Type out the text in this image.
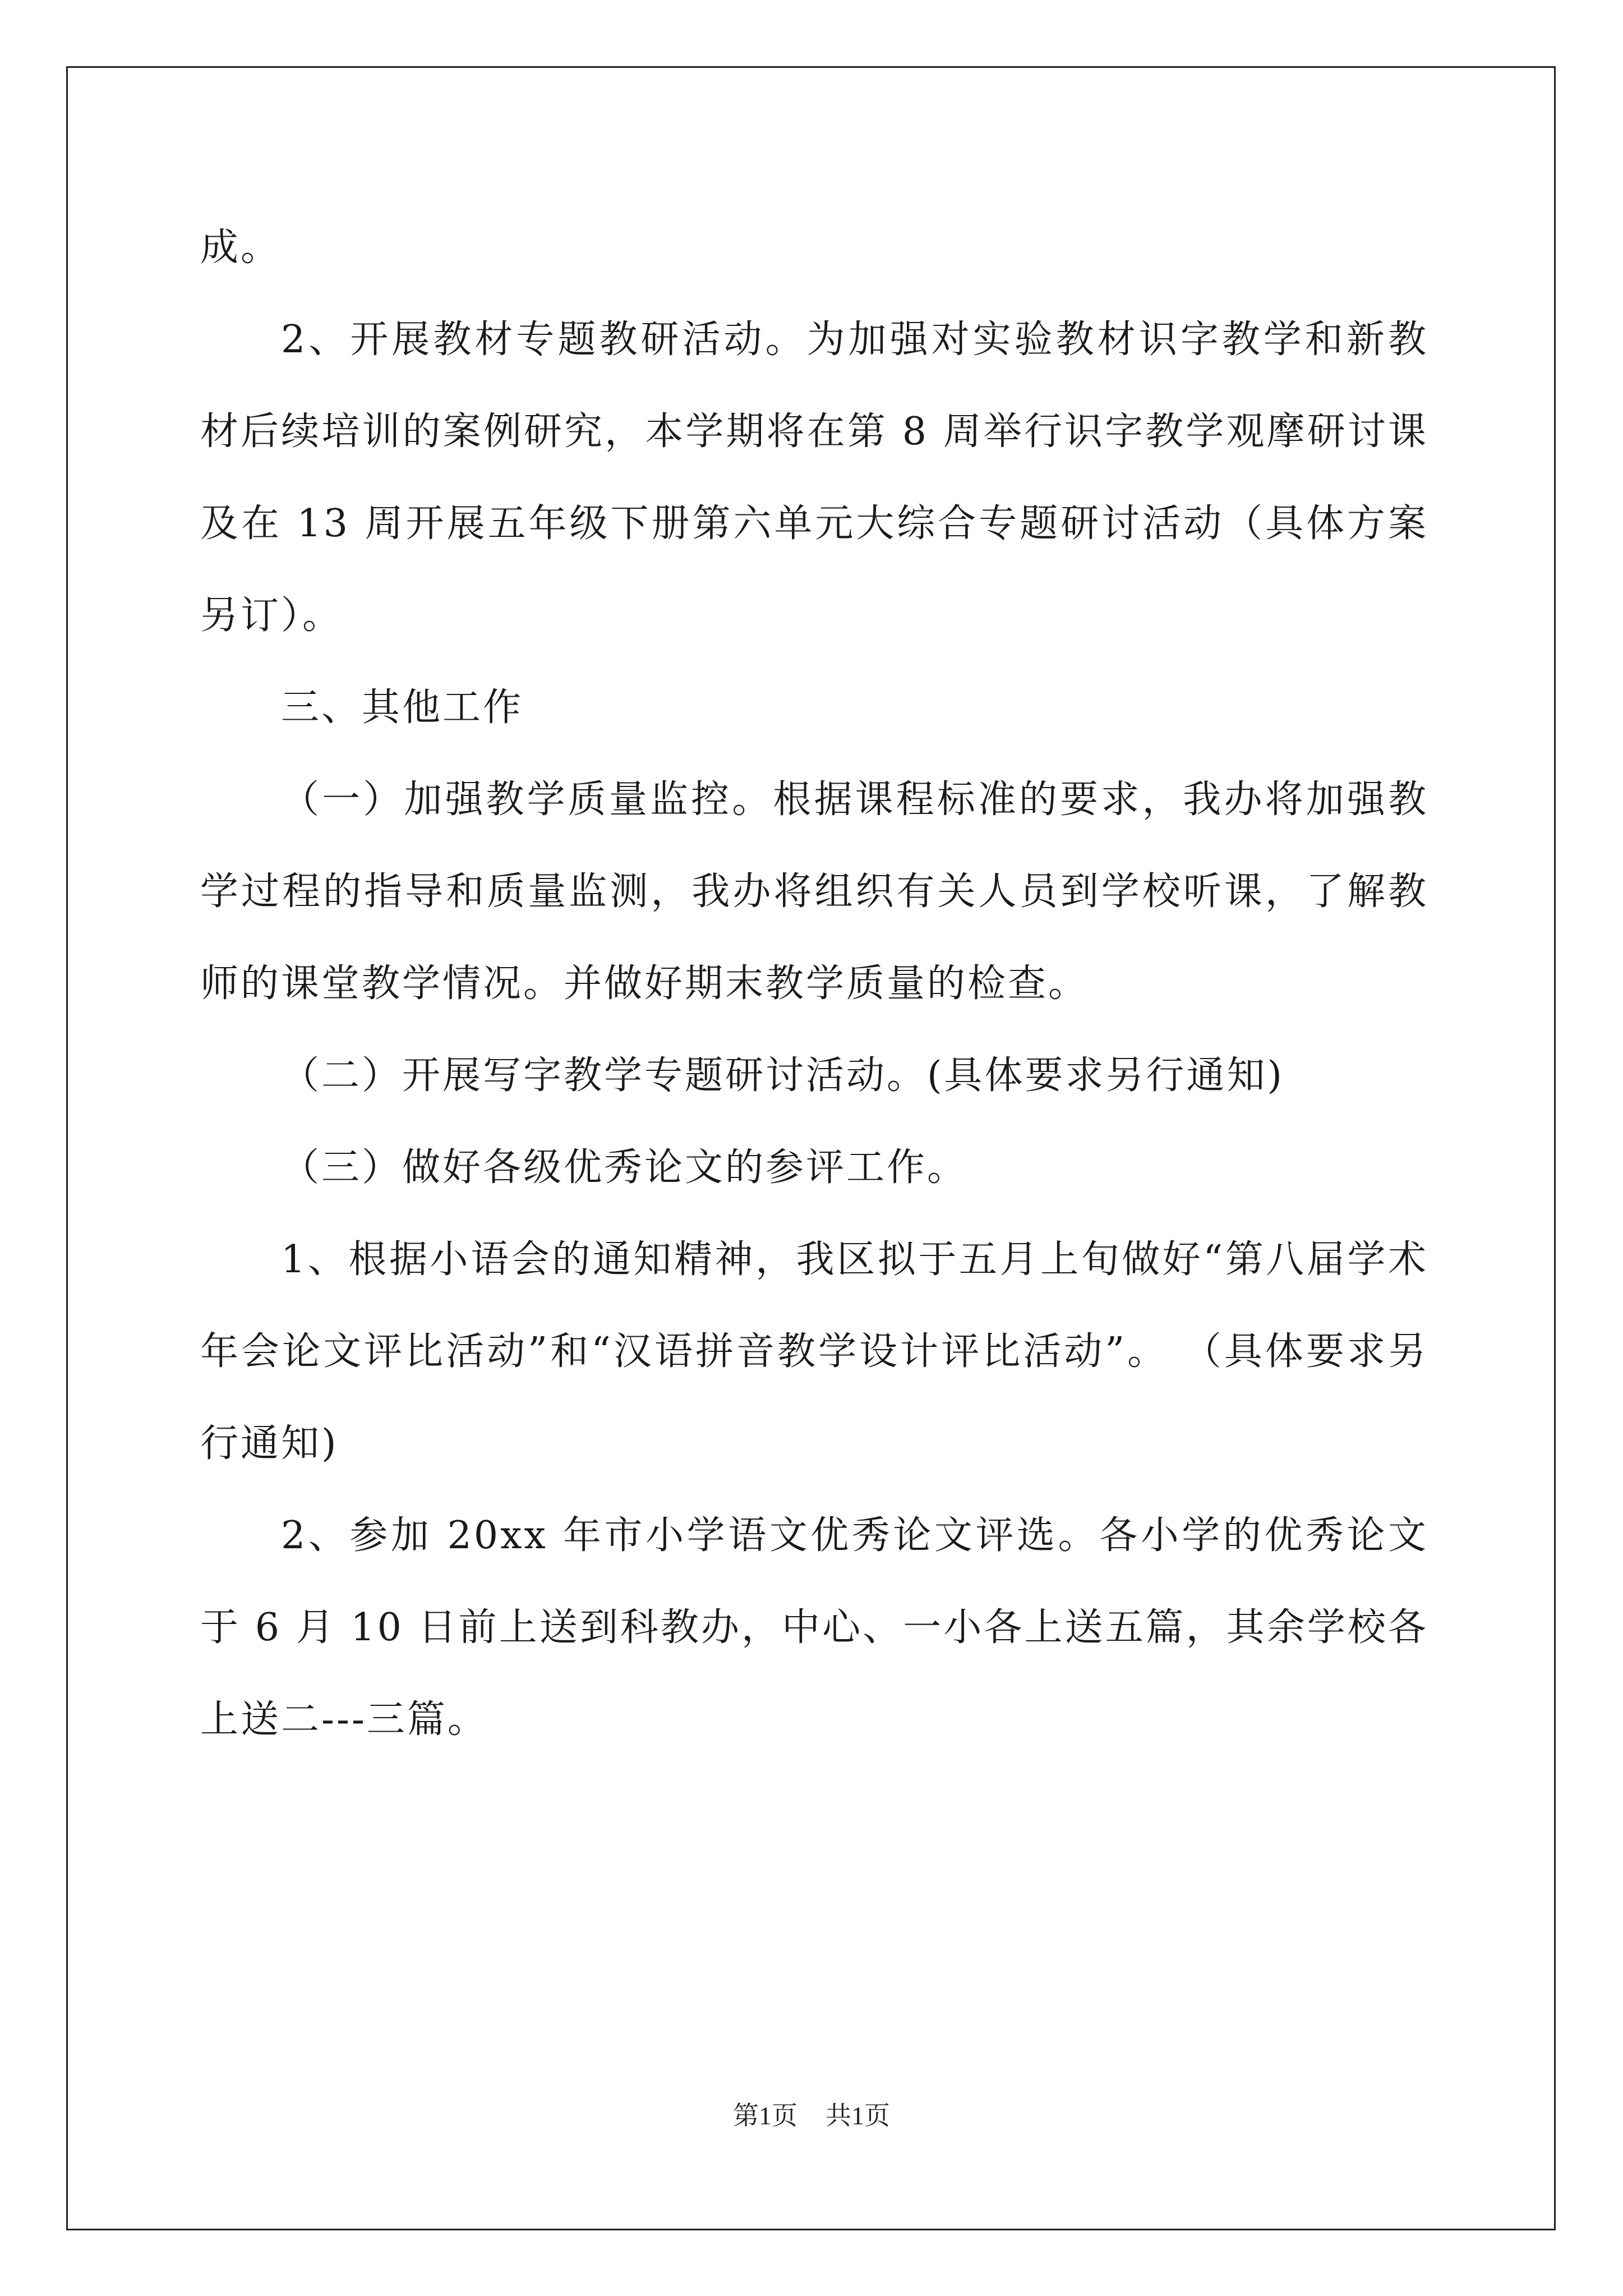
成。

2、开展教材专题教研活动。为加强对实验教材识字教学和新教材后续培训的案例研究，本学期将在第 8 周举行识字教学观摩研讨课及在 13 周开展五年级下册第六单元大综合专题研讨活动（具体方案另订）。

三、其他工作

（一）加强教学质量监控。根据课程标准的要求，我办将加强教学过程的指导和质量监测，我办将组织有关人员到学校听课，了解教师的课堂教学情况。并做好期末教学质量的检查。

（二）开展写字教学专题研讨活动。(具体要求另行通知)

（三）做好各级优秀论文的参评工作。

1、根据小语会的通知精神，我区拟于五月上旬做好“第八届学术年会论文评比活动”和“汉语拼音教学设计评比活动”。 （具体要求另行通知)

2、参加 20xx 年市小学语文优秀论文评选。各小学的优秀论文于 6 月 10 日前上送到科教办，中心、一小各上送五篇，其余学校各上送二---三篇。

第1页 共1页
